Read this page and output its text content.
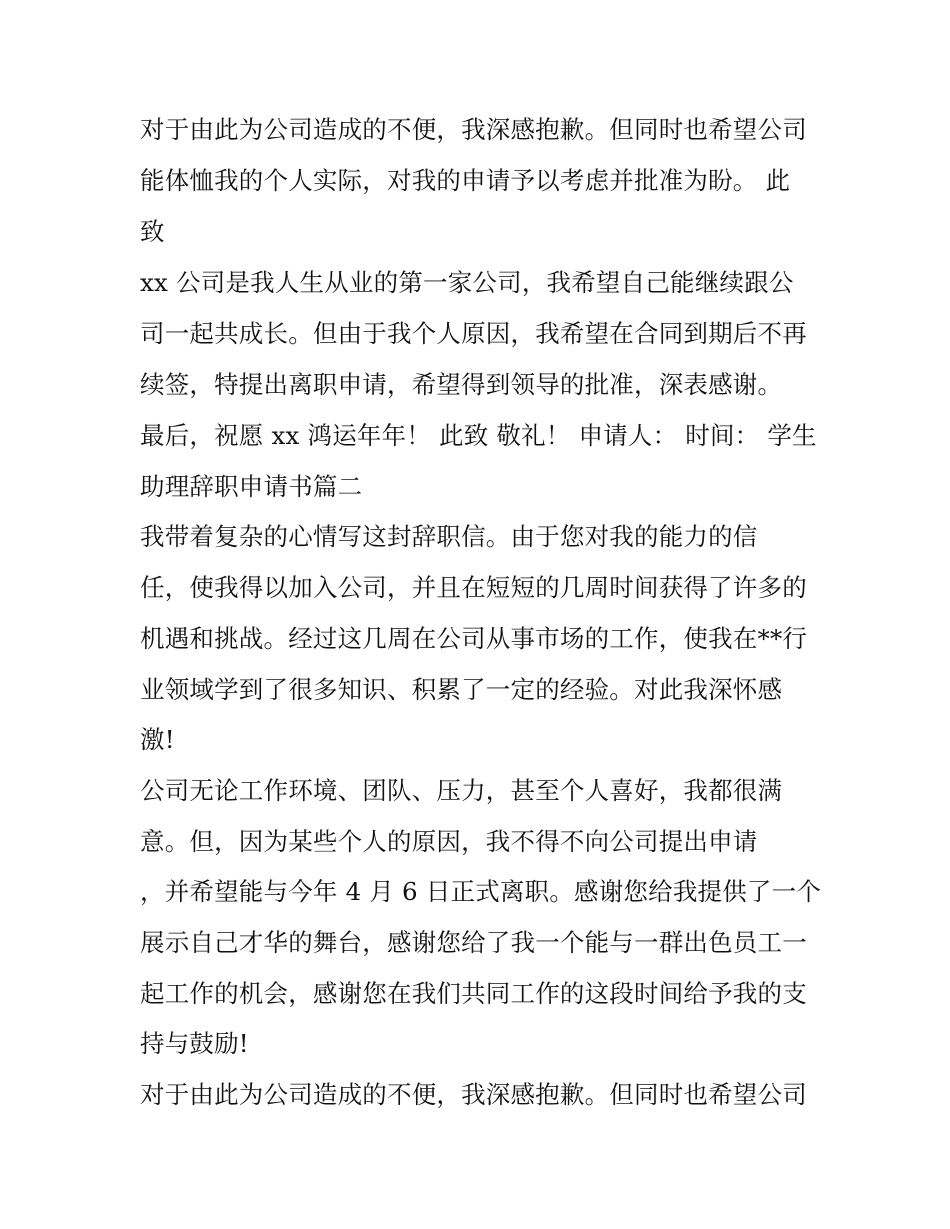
对于由此为公司造成的不便，我深感抱歉。但同时也希望公司
能体恤我的个人实际，对我的申请予以考虑并批准为盼。 此
致
xx 公司是我人生从业的第一家公司，我希望自己能继续跟公
司一起共成长。但由于我个人原因，我希望在合同到期后不再
续签，特提出离职申请，希望得到领导的批准，深表感谢。
最后，祝愿 xx 鸿运年年！ 此致 敬礼！ 申请人： 时间： 学生
助理辞职申请书篇二
我带着复杂的心情写这封辞职信。由于您对我的能力的信
任，使我得以加入公司，并且在短短的几周时间获得了许多的
机遇和挑战。经过这几周在公司从事市场的工作，使我在**行
业领域学到了很多知识、积累了一定的经验。对此我深怀感
激!
公司无论工作环境、团队、压力，甚至个人喜好，我都很满
意。但，因为某些个人的原因，我不得不向公司提出申请
，并希望能与今年 4 月 6 日正式离职。感谢您给我提供了一个
展示自己才华的舞台，感谢您给了我一个能与一群出色员工一
起工作的机会，感谢您在我们共同工作的这段时间给予我的支
持与鼓励!
对于由此为公司造成的不便，我深感抱歉。但同时也希望公司
